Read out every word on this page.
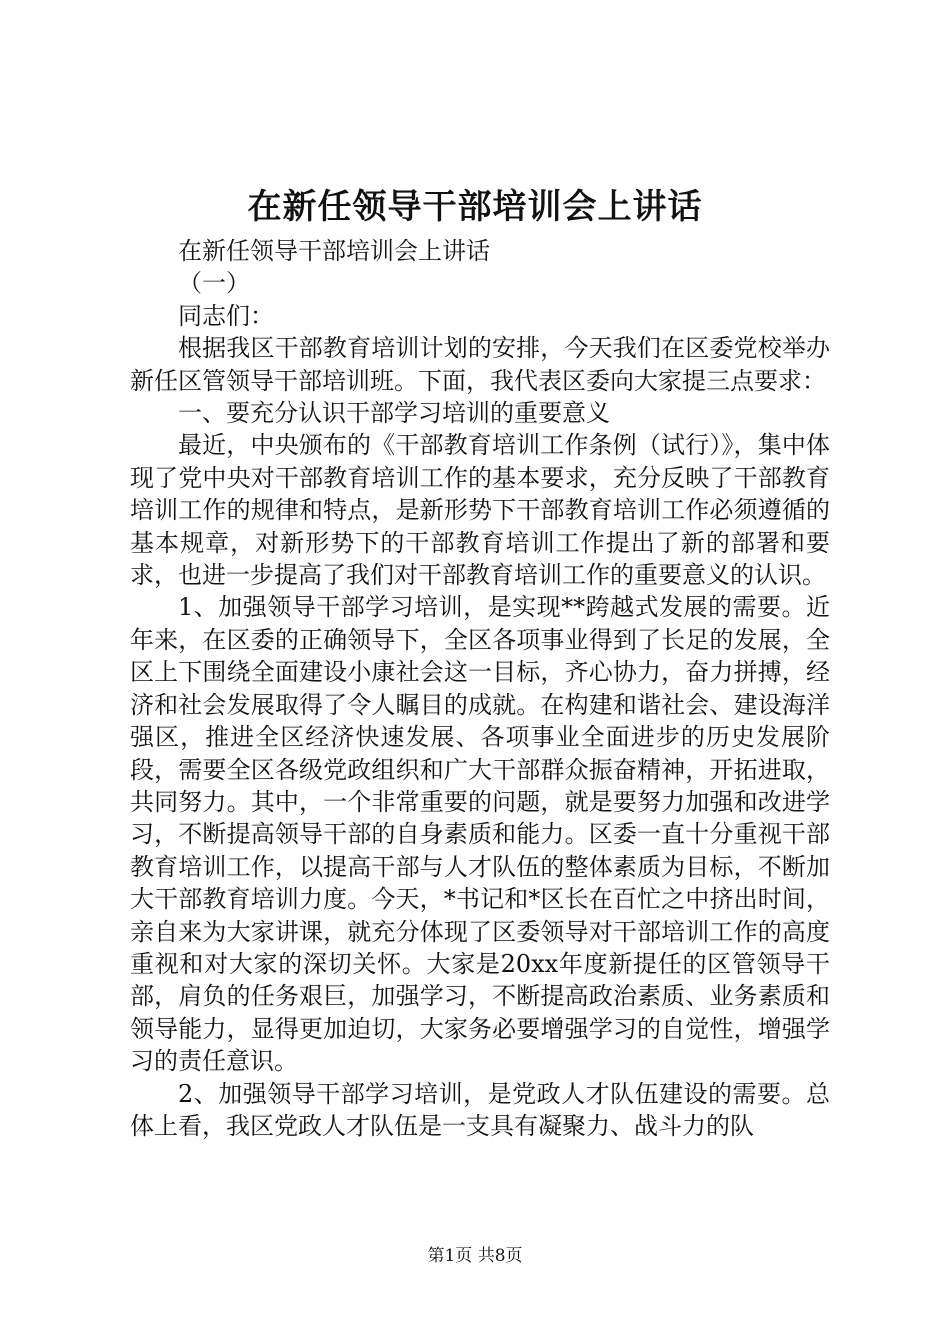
在新任领导干部培训会上讲话

在新任领导干部培训会上讲话

（一）

同志们：

根据我区干部教育培训计划的安排，今天我们在区委党校举办新任区管领导干部培训班。下面，我代表区委向大家提三点要求：

一、要充分认识干部学习培训的重要意义

最近，中央颁布的《干部教育培训工作条例（试行）》，集中体现了党中央对干部教育培训工作的基本要求，充分反映了干部教育培训工作的规律和特点，是新形势下干部教育培训工作必须遵循的基本规章，对新形势下的干部教育培训工作提出了新的部署和要求，也进一步提高了我们对干部教育培训工作的重要意义的认识。

1、加强领导干部学习培训，是实现**跨越式发展的需要。近年来，在区委的正确领导下，全区各项事业得到了长足的发展，全区上下围绕全面建设小康社会这一目标，齐心协力，奋力拼搏，经济和社会发展取得了令人瞩目的成就。在构建和谐社会、建设海洋强区，推进全区经济快速发展、各项事业全面进步的历史发展阶段，需要全区各级党政组织和广大干部群众振奋精神，开拓进取，共同努力。其中，一个非常重要的问题，就是要努力加强和改进学习，不断提高领导干部的自身素质和能力。区委一直十分重视干部教育培训工作，以提高干部与人才队伍的整体素质为目标，不断加大干部教育培训力度。今天，*书记和*区长在百忙之中挤出时间，亲自来为大家讲课，就充分体现了区委领导对干部培训工作的高度重视和对大家的深切关怀。大家是20xx年度新提任的区管领导干部，肩负的任务艰巨，加强学习，不断提高政治素质、业务素质和领导能力，显得更加迫切，大家务必要增强学习的自觉性，增强学习的责任意识。

2、加强领导干部学习培训，是党政人才队伍建设的需要。总体上看，我区党政人才队伍是一支具有凝聚力、战斗力的队

第1页 共8页
